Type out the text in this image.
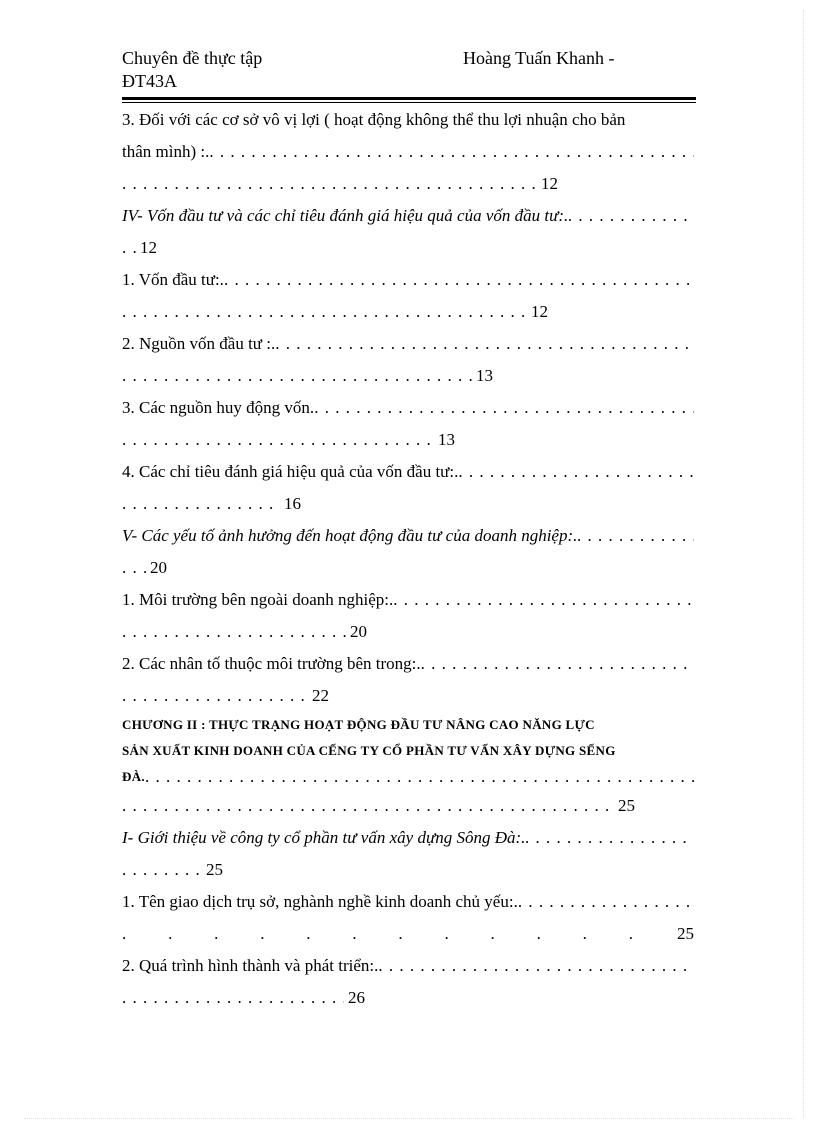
Chuyên đề thực tập
ĐT43A
Hoàng Tuấn Khanh -
3. Đối với các cơ sở vô vị lợi ( hoạt động không thể thu lợi nhuận cho bản
thân mình) :.
. . .
. . .
12
IV- Vốn đầu tư và các chỉ tiêu đánh giá hiệu quả của vốn đầu tư:.
. . .
. . .
12
1. Vốn đầu tư:.
. . .
. . .
12
2. Nguồn vốn đầu tư :.
. . .
. . .
13
3. Các nguồn huy động vốn.
. . .
. . .
13
4. Các chỉ tiêu đánh giá hiệu quả của vốn đầu tư:.
. . .
. . .
16
V- Các yếu tố ảnh hưởng đến hoạt động đầu tư của doanh nghiệp:.
. . .
. . .
20
1. Môi trường bên ngoài doanh nghiệp:.
. . .
. . .
20
2. Các nhân tố thuộc môi trường bên trong:.
. . .
. . .
22
CHƯƠNG II : THỰC TRẠNG HOẠT ĐỘNG ĐẦU TƯ NÂNG CAO NĂNG LỰC
SẢN XUẤT KINH DOANH CỦA CẾNG TY CỔ PHẦN TƯ VẤN XÂY DỰNG SẾNG
ĐÀ.
. . .
. . .
25
I- Giới thiệu về công ty cổ phần tư vấn xây dựng Sông Đà:.
. . .
. . .
25
1. Tên giao dịch trụ sở, nghành nghề kinh doanh chủ yếu:.
. . .
. . . . . . . . . . . .	25
2. Quá trình hình thành và phát triển:.
. . .
. . .
26
